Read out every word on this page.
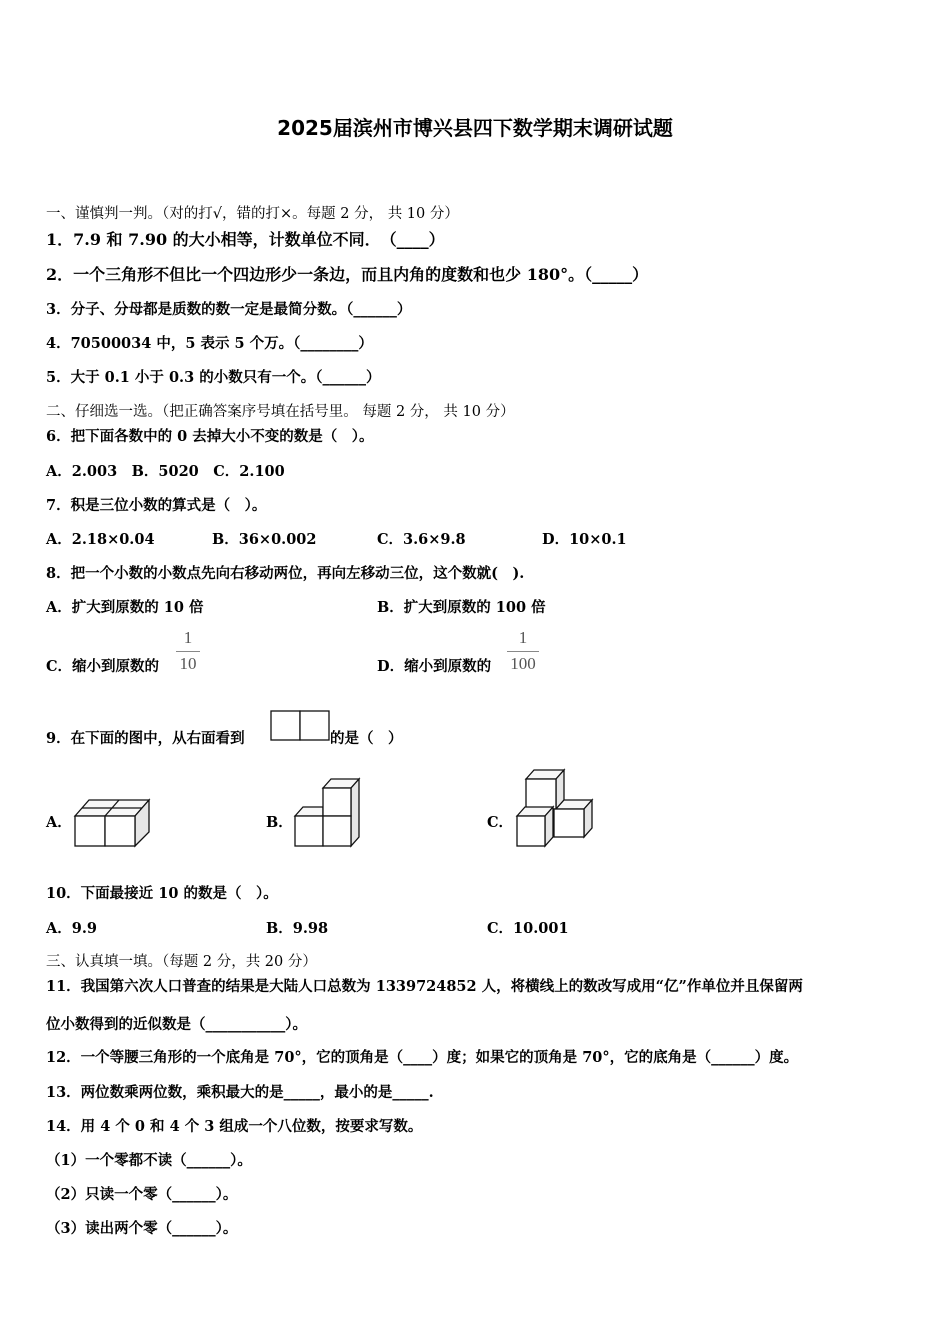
2025届滨州市博兴县四下数学期末调研试题
一、谨慎判一判。（对的打√，错的打×。每题 2 分， 共 10 分）
1．7.9 和 7.90 的大小相等，计数单位不同．　（____）
2．一个三角形不但比一个四边形少一条边，而且内角的度数和也少 180°。（_____）
3．分子、分母都是质数的数一定是最简分数。（______）
4．70500034 中，5 表示 5 个万。（________）
5．大于 0.1 小于 0.3 的小数只有一个。（______）
二、仔细选一选。（把正确答案序号填在括号里。 每题 2 分， 共 10 分）
6．把下面各数中的 0 去掉大小不变的数是（　）。
A．2.003　B．5020　C．2.100
7．积是三位小数的算式是（　）。
A．2.18×0.04	B．36×0.002	C．3.6×9.8	D．10×0.1
8．把一个小数的小数点先向右移动两位，再向左移动三位，这个数就(　).
A．扩大到原数的 10 倍	B．扩大到原数的 100 倍
C．缩小到原数的
1
10	D．缩小到原数的
1
100
9．在下面的图中，从右面看到	的是（　）
A．	B．	C．
10．下面最接近 10 的数是（　）。
A．9.9	B．9.98	C．10.001
三、认真填一填。（每题 2 分，共 20 分）
11．我国第六次人口普查的结果是大陆人口总数为 1339724852 人，将横线上的数改写成用“亿”作单位并且保留两
位小数得到的近似数是（___________）。
12．一个等腰三角形的一个底角是 70°，它的顶角是（____）度；如果它的顶角是 70°，它的底角是（______）度。
13．两位数乘两位数，乘积最大的是_____，最小的是_____.
14．用 4 个 0 和 4 个 3 组成一个八位数，按要求写数。
（1）一个零都不读（______）。
（2）只读一个零（______）。
（3）读出两个零（______）。
